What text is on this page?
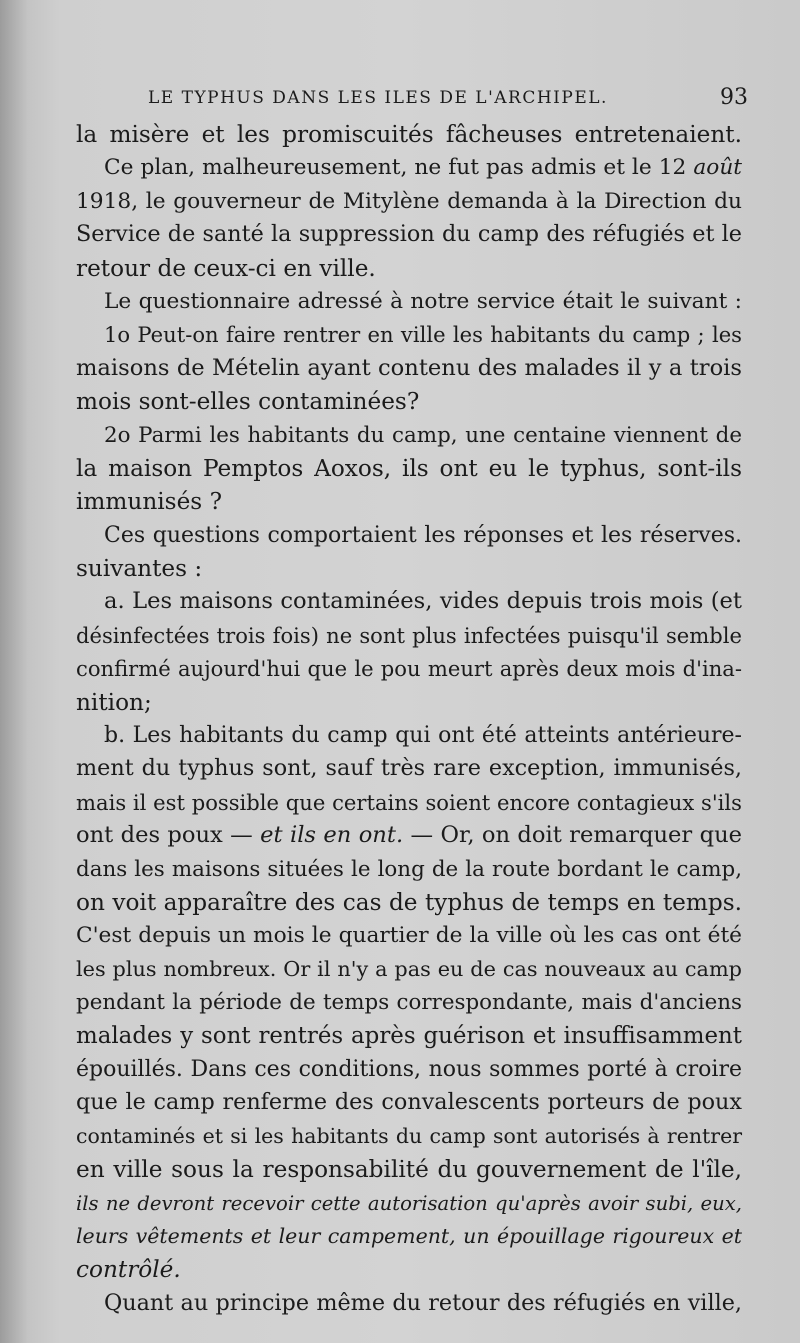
LE TYPHUS DANS LES ILES DE L'ARCHIPEL.	93
la misère et les promiscuités fâcheuses entretenaient.
Ce plan, malheureusement, ne fut pas admis et le 12 août
1918, le gouverneur de Mitylène demanda à la Direction du
Service de santé la suppression du camp des réfugiés et le
retour de ceux-ci en ville.
Le questionnaire adressé à notre service était le suivant :
1o Peut-on faire rentrer en ville les habitants du camp ; les
maisons de Mételin ayant contenu des malades il y a trois
mois sont-elles contaminées?
2o Parmi les habitants du camp, une centaine viennent de
la maison Pemptos Aoxos, ils ont eu le typhus, sont-ils
immunisés ?
Ces questions comportaient les réponses et les réserves.
suivantes :
a. Les maisons contaminées, vides depuis trois mois (et
désinfectées trois fois) ne sont plus infectées puisqu'il semble
confirmé aujourd'hui que le pou meurt après deux mois d'ina-
nition;
b. Les habitants du camp qui ont été atteints antérieure-
ment du typhus sont, sauf très rare exception, immunisés,
mais il est possible que certains soient encore contagieux s'ils
ont des poux — et ils en ont. — Or, on doit remarquer que
dans les maisons situées le long de la route bordant le camp,
on voit apparaître des cas de typhus de temps en temps.
C'est depuis un mois le quartier de la ville où les cas ont été
les plus nombreux. Or il n'y a pas eu de cas nouveaux au camp
pendant la période de temps correspondante, mais d'anciens
malades y sont rentrés après guérison et insuffisamment
épouillés. Dans ces conditions, nous sommes porté à croire
que le camp renferme des convalescents porteurs de poux
contaminés et si les habitants du camp sont autorisés à rentrer
en ville sous la responsabilité du gouvernement de l'île,
ils ne devront recevoir cette autorisation qu'après avoir subi, eux,
leurs vêtements et leur campement, un épouillage rigoureux et
contrôlé.
Quant au principe même du retour des réfugiés en ville,
